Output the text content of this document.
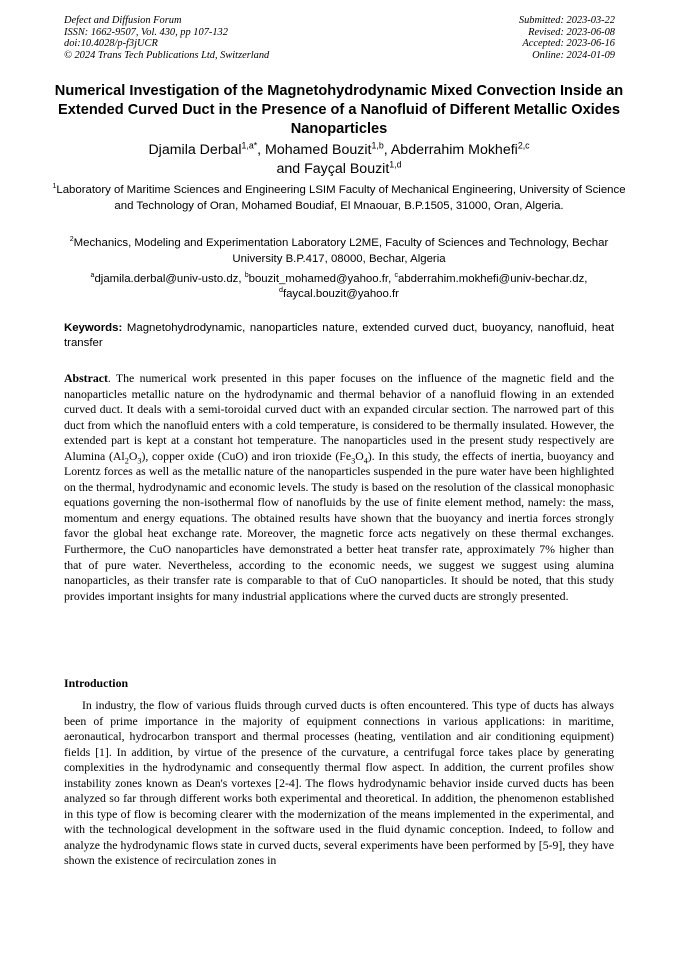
Defect and Diffusion Forum
ISSN: 1662-9507, Vol. 430, pp 107-132
doi:10.4028/p-f3jUCR
© 2024 Trans Tech Publications Ltd, Switzerland
Submitted: 2023-03-22
Revised: 2023-06-08
Accepted: 2023-06-16
Online: 2024-01-09
Numerical Investigation of the Magnetohydrodynamic Mixed Convection Inside an Extended Curved Duct in the Presence of a Nanofluid of Different Metallic Oxides Nanoparticles
Djamila Derbal$^{1,a*}$, Mohamed Bouzit$^{1,b}$, Abderrahim Mokhefi$^{2,c}$
and Fayçal Bouzit$^{1,d}$
$^1$Laboratory of Maritime Sciences and Engineering LSIM Faculty of Mechanical Engineering, University of Science and Technology of Oran, Mohamed Boudiaf, El Mnaouar, B.P.1505, 31000, Oran, Algeria.
$^2$Mechanics, Modeling and Experimentation Laboratory L2ME, Faculty of Sciences and Technology, Bechar University B.P.417, 08000, Bechar, Algeria
$^a$djamila.derbal@univ-usto.dz, $^b$bouzit_mohamed@yahoo.fr, $^c$abderrahim.mokhefi@univ-bechar.dz,
$^d$faycal.bouzit@yahoo.fr
Keywords: Magnetohydrodynamic, nanoparticles nature, extended curved duct, buoyancy, nanofluid, heat transfer
Abstract. The numerical work presented in this paper focuses on the influence of the magnetic field and the nanoparticles metallic nature on the hydrodynamic and thermal behavior of a nanofluid flowing in an extended curved duct. It deals with a semi-toroidal curved duct with an expanded circular section. The narrowed part of this duct from which the nanofluid enters with a cold temperature, is considered to be thermally insulated. However, the extended part is kept at a constant hot temperature. The nanoparticles used in the present study respectively are Alumina $(Al_2O_3)$, copper oxide (CuO) and iron trioxide $(Fe_3O_4)$. In this study, the effects of inertia, buoyancy and Lorentz forces as well as the metallic nature of the nanoparticles suspended in the pure water have been highlighted on the thermal, hydrodynamic and economic levels. The study is based on the resolution of the classical monophasic equations governing the non-isothermal flow of nanofluids by the use of finite element method, namely: the mass, momentum and energy equations. The obtained results have shown that the buoyancy and inertia forces strongly favor the global heat exchange rate. Moreover, the magnetic force acts negatively on these thermal exchanges. Furthermore, the CuO nanoparticles have demonstrated a better heat transfer rate, approximately 7% higher than that of pure water. Nevertheless, according to the economic needs, we suggest we suggest using alumina nanoparticles, as their transfer rate is comparable to that of CuO nanoparticles. It should be noted, that this study provides important insights for many industrial applications where the curved ducts are strongly presented.
Introduction
In industry, the flow of various fluids through curved ducts is often encountered. This type of ducts has always been of prime importance in the majority of equipment connections in various applications: in maritime, aeronautical, hydrocarbon transport and thermal processes (heating, ventilation and air conditioning equipment) fields [1]. In addition, by virtue of the presence of the curvature, a centrifugal force takes place by generating complexities in the hydrodynamic and consequently thermal flow aspect. In addition, the current profiles show instability zones known as Dean's vortexes [2-4]. The flows hydrodynamic behavior inside curved ducts has been analyzed so far through different works both experimental and theoretical. In addition, the phenomenon established in this type of flow is becoming clearer with the modernization of the means implemented in the experimental, and with the technological development in the software used in the fluid dynamic conception. Indeed, to follow and analyze the hydrodynamic flows state in curved ducts, several experiments have been performed by [5-9], they have shown the existence of recirculation zones in
